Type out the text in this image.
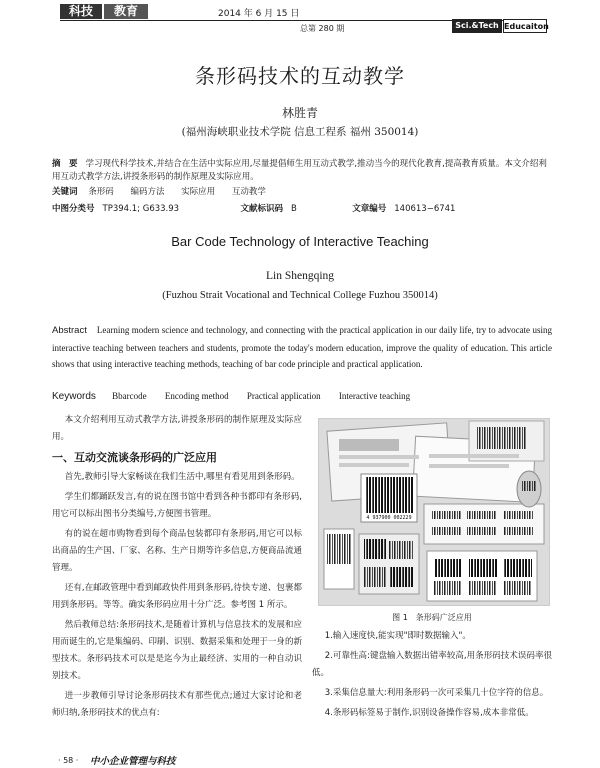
科技	教育	2014 年 6 月 15 日
总第 280 期	Sci.&Tech Educaiton
条形码技术的互动教学
林胜青
(福州海峡职业技术学院 信息工程系 福州 350014)
摘　要 学习现代科学技术,并结合在生活中实际应用,尽量提倡师生用互动式教学,推动当今的现代化教育,提高教育质量。本文介绍利用互动式教学方法,讲授条形码的制作原理及实际应用。
关键词 条形码 编码方法 实际应用 互动教学
中图分类号 TP394.1; G633.93	文献标识码 B	文章编号 140613−6741
Bar Code Technology of Interactive Teaching
Lin Shengqing
(Fuzhou Strait Vocational and Technical College Fuzhou 350014)
Abstract Learning modern science and technology, and connecting with the practical application in our daily life, try to advocate using interactive teaching between teachers and students, promote the today's modern education, improve the quality of education. This article shows that using interactive teaching methods, teaching of bar code principle and practical application.
Keywords Bbarcode Encoding method Practical application Interactive teaching

本文介绍利用互动式教学方法,讲授条形码的制作原理及实际应用。

一、互动交流谈条形码的广泛应用

首先,教师引导大家畅谈在我们生活中,哪里有看见用到条形码。

学生们都踊跃发言,有的说在图书馆中看到各种书都印有条形码,用它可以标出图书分类编号,方便图书管理。

有的说在超市购物看到每个商品包装都印有条形码,用它可以标出商品的生产国、厂家、名称、生产日期等许多信息,方便商品流通管理。

还有,在邮政管理中看到邮政快件用到条形码,待快专递、包裹都用到条形码。等等。确实条形码应用十分广泛。参考图 1 所示。

然后教师总结:条形码技术,是随着计算机与信息技术的发展和应用而诞生的,它是集编码、印刷、识别、数据采集和处理于一身的新型技术。条形码技术可以是是迄今为止最经济、实用的一种自动识别技术。

进一步教师引导讨论条形码技术有那些优点;通过大家讨论和老师归纳,条形码技术的优点有:

4 937900 002229
图 1　条形码广泛应用

1.输入速度快,能实现"即时数据输入"。

2.可靠性高:键盘输入数据出错率较高,用条形码技术误码率很低。

3.采集信息量大:利用条形码一次可采集几十位字符的信息。

4.条形码标签易于制作,识别设备操作容易,成本非常低。

· 58 · 中小企业管理与科技
